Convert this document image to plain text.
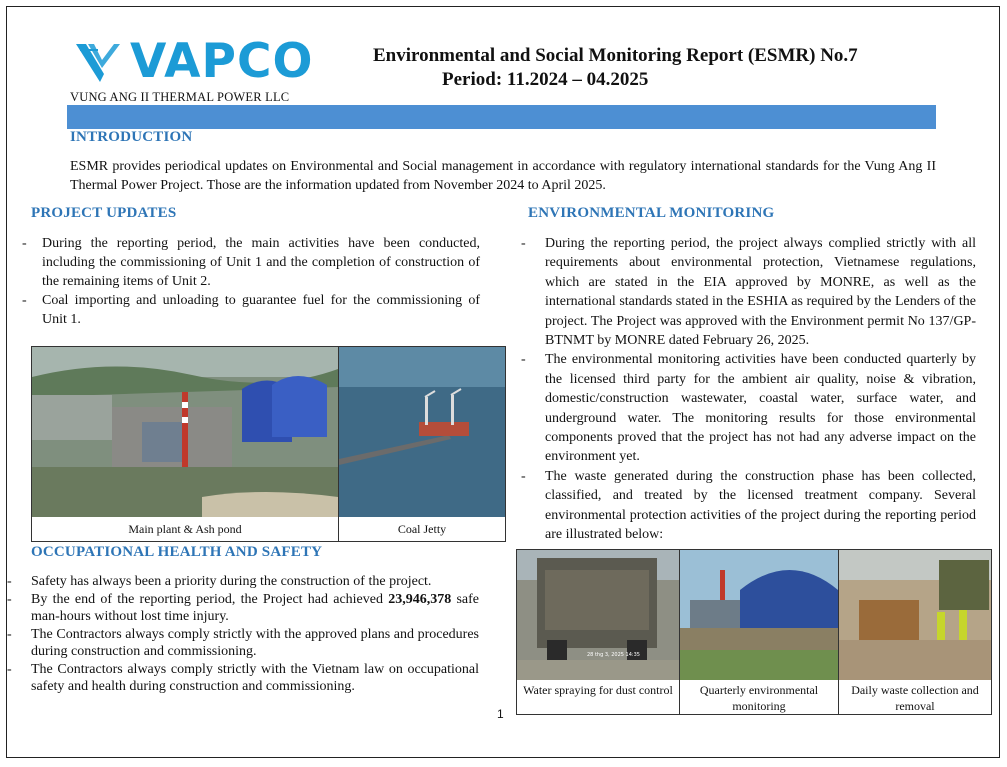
VAPCO
VUNG ANG II THERMAL POWER LLC
Environmental and Social Monitoring Report (ESMR) No.7
Period: 11.2024 – 04.2025
INTRODUCTION
ESMR provides periodical updates on Environmental and Social management in accordance with regulatory international standards for the Vung Ang II Thermal Power Project. Those are the information updated from November 2024 to April 2025.
PROJECT UPDATES
- During the reporting period, the main activities have been conducted, including the commissioning of Unit 1 and the completion of construction of the remaining items of Unit 2.
- Coal importing and unloading to guarantee fuel for the commissioning of Unit 1.
Main plant & Ash pond	Coal Jetty
OCCUPATIONAL HEALTH AND SAFETY
- Safety has always been a priority during the construction of the project.
- By the end of the reporting period, the Project had achieved 23,946,378 safe man-hours without lost time injury.
- The Contractors always comply strictly with the approved plans and procedures during construction and commissioning.
- The Contractors always comply strictly with the Vietnam law on occupational safety and health during construction and commissioning.
ENVIRONMENTAL MONITORING
- During the reporting period, the project always complied strictly with all requirements about environmental protection, Vietnamese regulations, which are stated in the EIA approved by MONRE, as well as the international standards stated in the ESHIA as required by the Lenders of the project. The Project was approved with the Environment permit No 137/GP-BTNMT by MONRE dated February 26, 2025.
- The environmental monitoring activities have been conducted quarterly by the licensed third party for the ambient air quality, noise & vibration, domestic/construction wastewater, coastal water, surface water, and underground water. The monitoring results for those environmental components proved that the project has not had any adverse impact on the environment yet.
- The waste generated during the construction phase has been collected, classified, and treated by the licensed treatment company. Several environmental protection activities of the project during the reporting period are illustrated below:
28 thg 3, 2025 14:35
Water spraying for dust control	Quarterly environmental monitoring
Daily waste collection and removal
1
